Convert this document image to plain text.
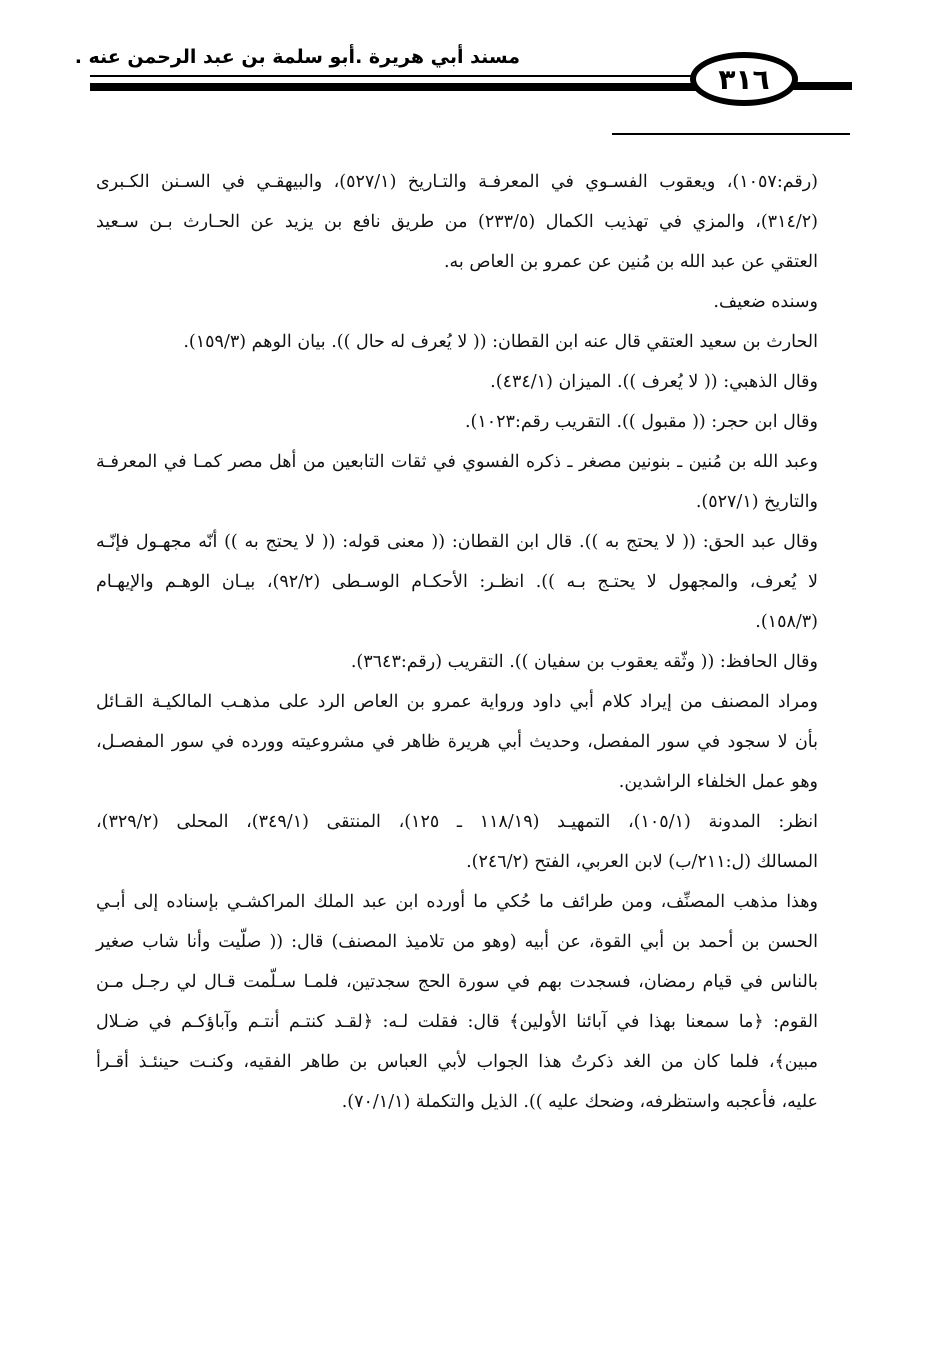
مسند أبي هريرة .أبو سلمة بن عبد الرحمن عنه .
٣١٦

(رقم:١٠٥٧)، ويعقوب الفسـوي في المعرفـة والتـاريخ (٥٢٧/١)، والبيهقـي في السـنن الكـبرى

(٣١٤/٢)، والمزي في تهذيب الكمال (٢٣٣/٥) من طريق نافع بن يزيد عن الحـارث بـن سـعيد

العتقي عن عبد الله بن مُنين عن عمرو بن العاص به.

وسنده ضعيف.

الحارث بن سعيد العتقي قال عنه ابن القطان: (( لا يُعرف له حال )). بيان الوهم (١٥٩/٣).

وقال الذهبي: (( لا يُعرف )). الميزان (٤٣٤/١).

وقال ابن حجر: (( مقبول )). التقريب رقم:١٠٢٣).

وعبد الله بن مُنين ـ بنونين مصغر ـ ذكره الفسوي في ثقات التابعين من أهل مصر كمـا في المعرفـة

والتاريخ (٥٢٧/١).

وقال عبد الحق: (( لا يحتج به )). قال ابن القطان: (( معنى قوله: (( لا يحتج به )) أنّه مجهـول فإنّـه

لا يُعرف، والمجهول لا يحتـج بـه )). انظـر: الأحكـام الوسـطى (٩٢/٢)، بيـان الوهـم والإيهـام

(١٥٨/٣).

وقال الحافظ: (( وثّقه يعقوب بن سفيان )). التقريب (رقم:٣٦٤٣).

ومراد المصنف من إيراد كلام أبي داود ورواية عمرو بن العاص الرد على مذهـب المالكيـة القـائل

بأن لا سجود في سور المفصل، وحديث أبي هريرة ظاهر في مشروعيته وورده في سور المفصـل،

وهو عمل الخلفاء الراشدين.

انظر: المدونة (١٠٥/١)، التمهيـد (١١٨/١٩ ـ ١٢٥)، المنتقى (٣٤٩/١)، المحلى (٣٢٩/٢)،

المسالك (ل:٢١١/ب) لابن العربي، الفتح (٢٤٦/٢).

وهذا مذهب المصنِّف، ومن طرائف ما حُكي ما أورده ابن عبد الملك المراكشـي بإسناده إلى أبـي

الحسن بن أحمد بن أبي القوة، عن أبيه (وهو من تلاميذ المصنف) قال: (( صلّيت وأنا شاب صغير

بالناس في قيام رمضان، فسجدت بهم في سورة الحج سجدتين، فلمـا سـلّمت قـال لي رجـل مـن

القوم: ﴿ما سمعنا بهذا في آبائنا الأولين﴾ قال: فقلت لـه: ﴿لقـد كنتـم أنتـم وآباؤكـم في ضـلال

مبين﴾، فلما كان من الغد ذكرتُ هذا الجواب لأبي العباس بن طاهر الفقيه، وكنـت حينئـذ أقـرأ

عليه، فأعجبه واستظرفه، وضحك عليه )). الذيل والتكملة (٧٠/١/١).
